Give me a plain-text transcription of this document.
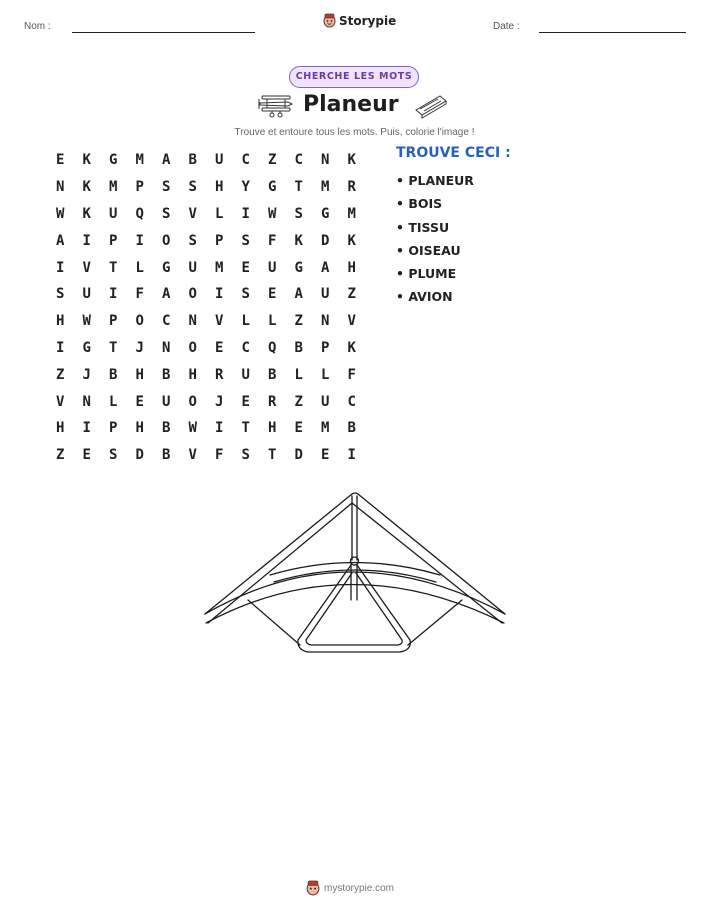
Nom :	Storypie	Date :
CHERCHE LES MOTS
Planeur
Trouve et entoure tous les mots. Puis, colorie l'image !
E	K	G	M	A	B	U	C	Z	C	N	K
N	K	M	P	S	S	H	Y	G	T	M	R
W	K	U	Q	S	V	L	I	W	S	G	M
A	I	P	I	O	S	P	S	F	K	D	K
I	V	T	L	G	U	M	E	U	G	A	H
S	U	I	F	A	O	I	S	E	A	U	Z
H	W	P	O	C	N	V	L	L	Z	N	V
I	G	T	J	N	O	E	C	Q	B	P	K
Z	J	B	H	B	H	R	U	B	L	L	F
V	N	L	E	U	O	J	E	R	Z	U	C
H	I	P	H	B	W	I	T	H	E	M	B
Z	E	S	D	B	V	F	S	T	D	E	I
TROUVE CECI :
• PLANEUR
• BOIS
• TISSU
• OISEAU
• PLUME
• AVION
mystorypie.com
